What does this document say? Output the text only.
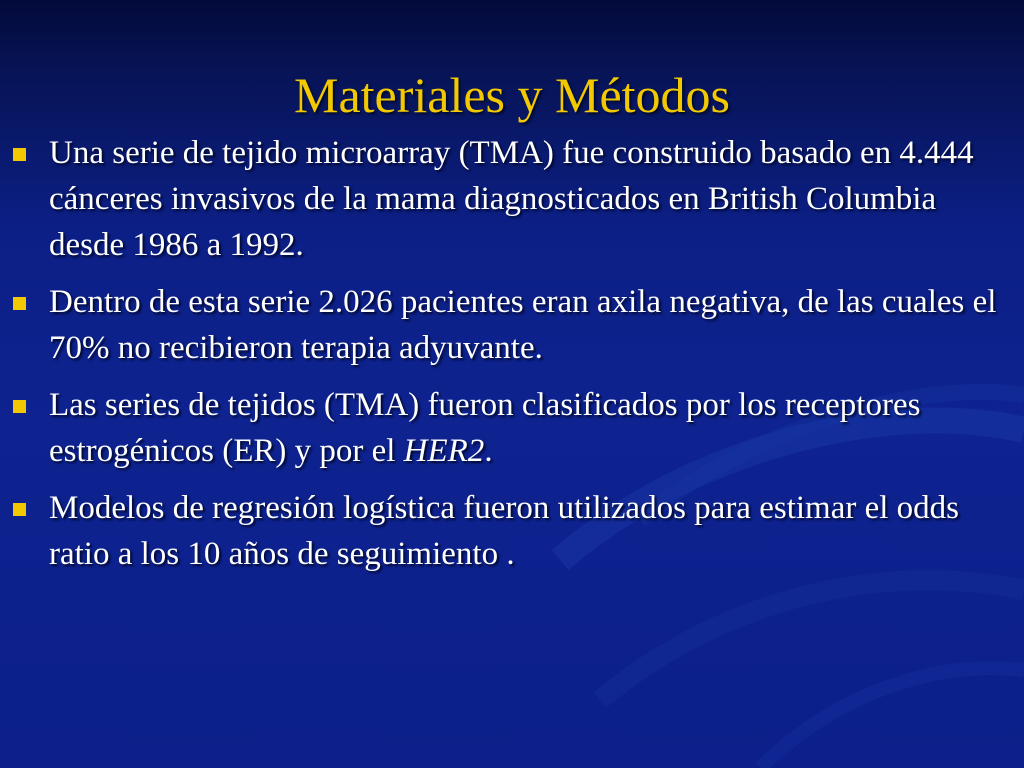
Materiales y Métodos
Una serie de tejido microarray (TMA) fue construido basado en 4.444 cánceres invasivos de la mama diagnosticados en British Columbia desde 1986 a 1992.
Dentro de esta serie 2.026 pacientes eran axila negativa, de las cuales el 70% no recibieron terapia adyuvante.
Las series de tejidos (TMA) fueron clasificados por los receptores estrogénicos (ER) y por el HER2.
Modelos de regresión logística fueron utilizados para estimar el odds ratio a los 10 años de seguimiento .
